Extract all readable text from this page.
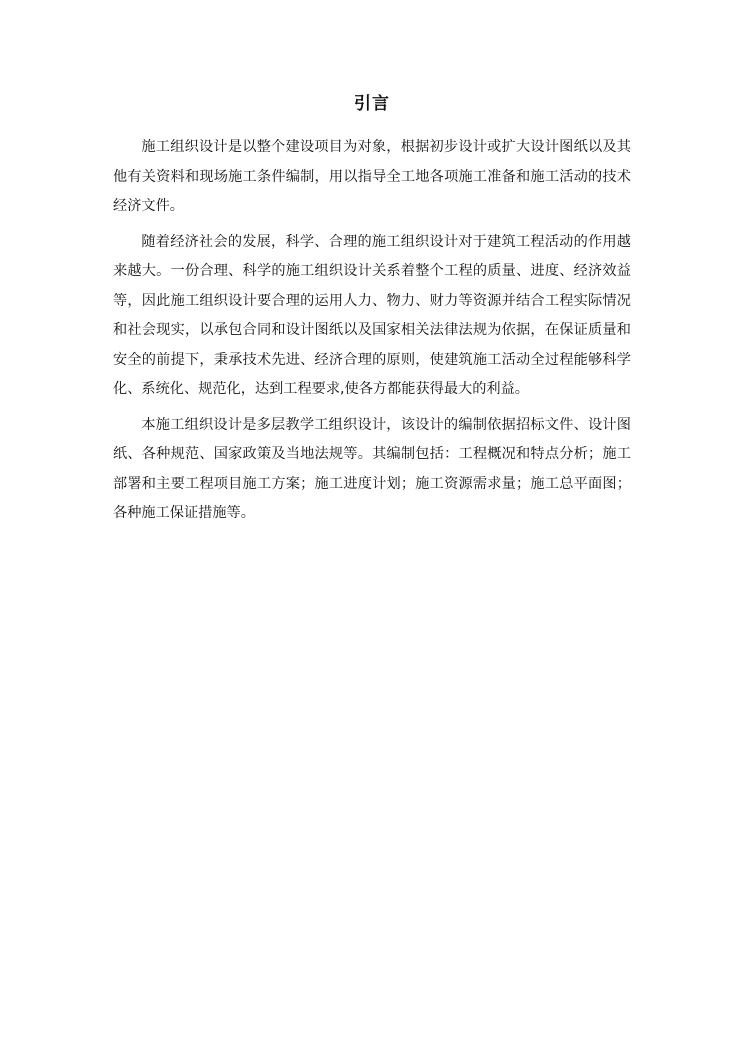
引言

施工组织设计是以整个建设项目为对象，根据初步设计或扩大设计图纸以及其他有关资料和现场施工条件编制，用以指导全工地各项施工准备和施工活动的技术经济文件。

随着经济社会的发展，科学、合理的施工组织设计对于建筑工程活动的作用越来越大。一份合理、科学的施工组织设计关系着整个工程的质量、进度、经济效益等，因此施工组织设计要合理的运用人力、物力、财力等资源并结合工程实际情况和社会现实，以承包合同和设计图纸以及国家相关法律法规为依据，在保证质量和安全的前提下，秉承技术先进、经济合理的原则，使建筑施工活动全过程能够科学化、系统化、规范化，达到工程要求,使各方都能获得最大的利益。

本施工组织设计是多层教学工组织设计，该设计的编制依据招标文件、设计图纸、各种规范、国家政策及当地法规等。其编制包括：工程概况和特点分析；施工部署和主要工程项目施工方案；施工进度计划；施工资源需求量；施工总平面图；各种施工保证措施等。
